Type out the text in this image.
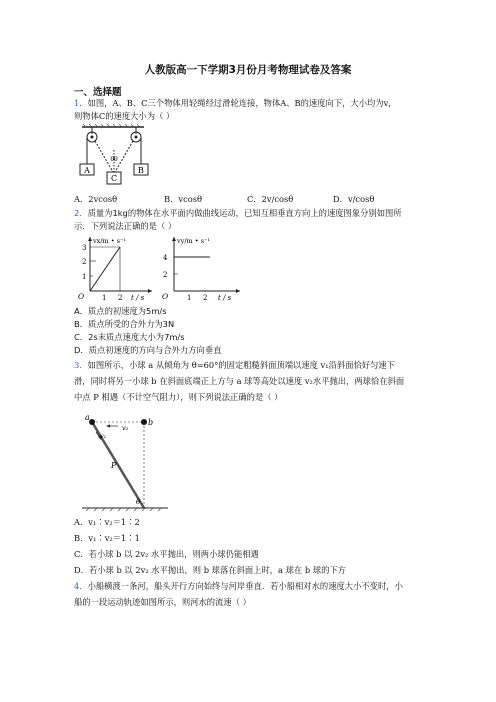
人教版高一下学期3月份月考物理试卷及答案
一、选择题
1．如图，A、B、C三个物体用轻绳经过滑轮连接，物体A、B的速度向下，大小均为v，
则物体C的速度大小为（ ）
A	B
C
θθ
A．2vcosθ	B．vcosθ	C．2v/cosθ	D．v/cosθ
2．质量为1kg的物体在水平面内做曲线运动，已知互相垂直方向上的速度图象分别如图所
示．下列说法正确的是（ ）
vx/m • s⁻¹
3
2
1
O	1 2 t / s
vy/m • s⁻¹
4
2
O	1 2 t / s
A．质点的初速度为5m/s
B．质点所受的合外力为3N
C．2s末质点速度大小为7m/s
D．质点初速度的方向与合外力方向垂直
3．如图所示，小球 a 从倾角为 θ=60°的固定粗糙斜面顶端以速度 v₁沿斜面恰好匀速下
滑，同时将另一小球 b 在斜面底端正上方与 a 球等高处以速度 v₂水平抛出，两球恰在斜面
中点 P 相遇（不计空气阻力），则下列说法正确的是（ ）
a
b
v₂
v₁
P
θ
A．v₁∶v₂＝1∶2
B．v₁∶v₂＝1∶1
C．若小球 b 以 2v₂ 水平抛出，则两小球仍能相遇
D．若小球 b 以 2v₂ 水平抛出，则 b 球落在斜面上时，a 球在 b 球的下方
4．小船横渡一条河，船头开行方向始终与河岸垂直．若小船相对水的速度大小不变时，小
船的一段运动轨迹如图所示，则河水的流速（ ）
